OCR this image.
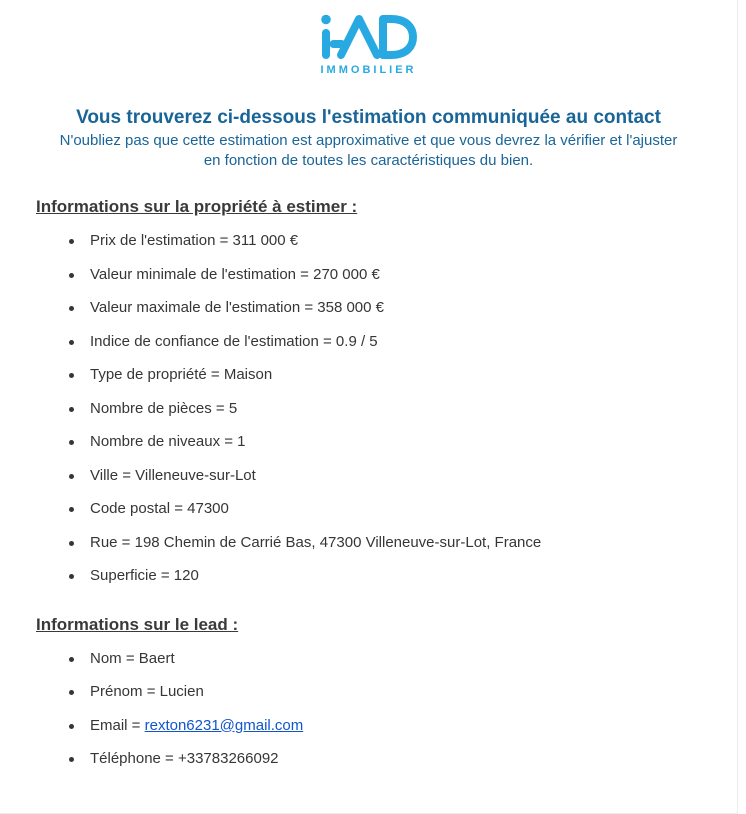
IMMOBILIER
Vous trouverez ci-dessous l'estimation communiquée au contact
N'oubliez pas que cette estimation est approximative et que vous devrez la vérifier et l'ajuster
en fonction de toutes les caractéristiques du bien.
Informations sur la propriété à estimer :
Prix de l'estimation = 311 000 €
Valeur minimale de l'estimation = 270 000 €
Valeur maximale de l'estimation = 358 000 €
Indice de confiance de l'estimation = 0.9 / 5
Type de propriété = Maison
Nombre de pièces = 5
Nombre de niveaux = 1
Ville = Villeneuve-sur-Lot
Code postal = 47300
Rue = 198 Chemin de Carrié Bas, 47300 Villeneuve-sur-Lot, France
Superficie = 120
Informations sur le lead :
Nom = Baert
Prénom = Lucien
Email = rexton6231@gmail.com
Téléphone = +33783266092
